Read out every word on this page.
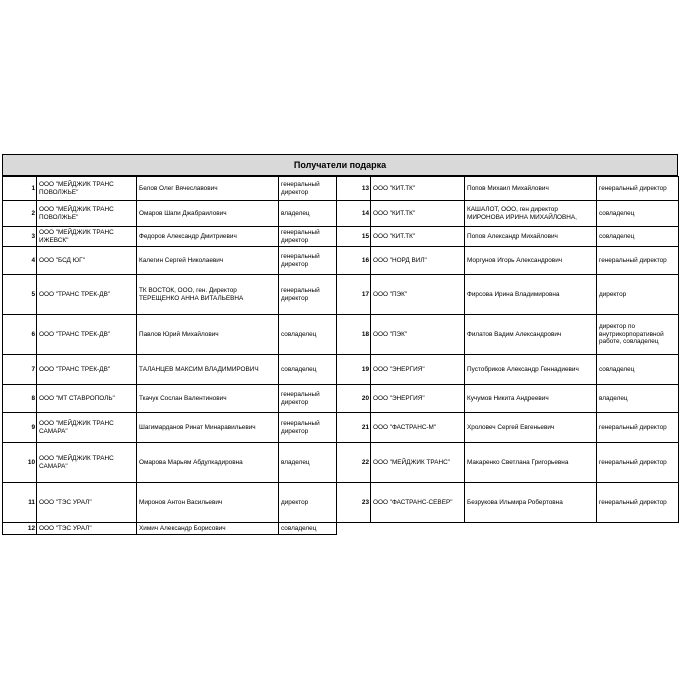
Получатели подарка
1	ООО "МЕЙДЖИК ТРАНС ПОВОЛЖЬЕ"	Белов Олег Вячеславович	генеральный директор
2	ООО "МЕЙДЖИК ТРАНС ПОВОЛЖЬЕ"	Омаров Шапи Джабраилович	владелец
3	ООО "МЕЙДЖИК ТРАНС ИЖЕВСК"	Федоров Александр Дмитриевич	генеральный директор
4	ООО "БСД ЮГ"	Калегин Сергей Николаевич	генеральный директор
5	ООО "ТРАНС ТРЕК-ДВ"	ТК ВОСТОК, ООО, ген. Директор ТЕРЕЩЕНКО АННА ВИТАЛЬЕВНА	генеральный директор
6	ООО "ТРАНС ТРЕК-ДВ"	Павлов Юрий Михайлович	совладелец
7	ООО "ТРАНС ТРЕК-ДВ"	ТАЛАНЦЕВ МАКСИМ ВЛАДИМИРОВИЧ	совладелец
8	ООО "МТ СТАВРОПОЛЬ"	Ткачук Сослан Валентинович	генеральный директор
9	ООО "МЕЙДЖИК ТРАНС САМАРА"	Шагимарданов Ринат Минаравильевич	генеральный директор
10	ООО "МЕЙДЖИК ТРАНС САМАРА"	Омарова Марьям Абдулкадировна	владелец
11	ООО "ТЭС УРАЛ"	Миронов Антон Васильевич	директор
12	ООО "ТЭС УРАЛ"	Химич Александр Борисович	совладелец
13	ООО "КИТ.ТК"	Попов Михаил Михайлович	генеральный директор
14	ООО "КИТ.ТК"	КАШАЛОТ, ООО, ген директор МИРОНОВА ИРИНА МИХАЙЛОВНА,	совладелец
15	ООО "КИТ.ТК"	Попов Александр Михайлович	совладелец
16	ООО "НОРД ВИЛ"	Моргунов Игорь Александрович	генеральный директор
17	ООО "ПЭК"	Фирсова Ирина Владимировна	директор
18	ООО "ПЭК"	Филатов Вадим Александрович	директор по внутрикорпоративной работе, совладелец
19	ООО "ЭНЕРГИЯ"	Пустобриков Александр Геннадиевич	совладелец
20	ООО "ЭНЕРГИЯ"	Кучумов Никита Андреевич	владелец
21	ООО "ФАСТРАНС-М"	Хроловеч Сергей Евгеньевич	генеральный директор
22	ООО "МЕЙДЖИК ТРАНС"	Макаренко Светлана Григорьевна	генеральный директор
23	ООО "ФАСТРАНС-СЕВЕР"	Безрукова Ильмира Робертовна	генеральный директор
